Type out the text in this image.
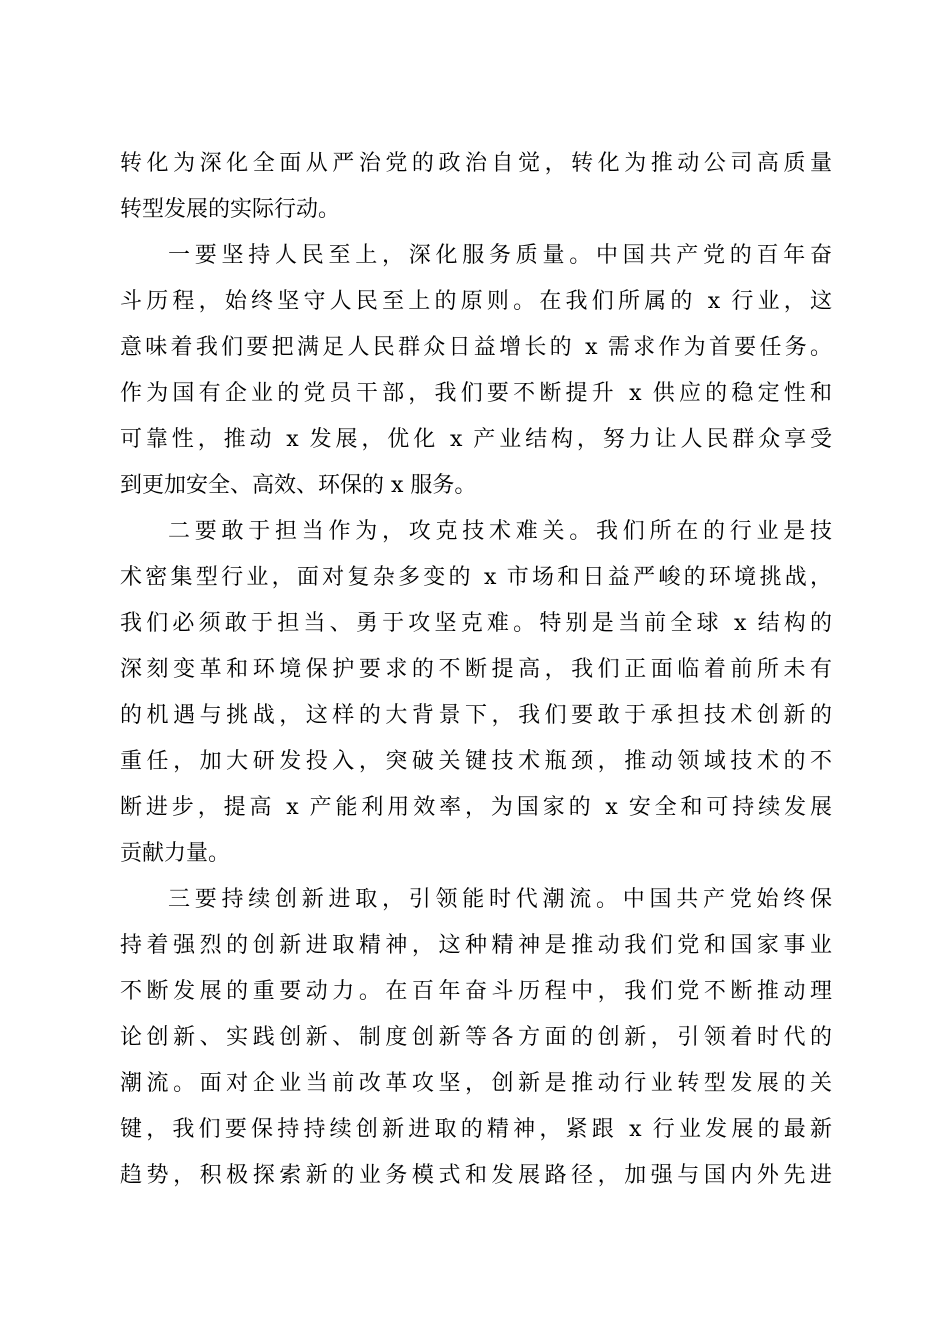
转化为深化全面从严治党的政治自觉，转化为推动公司高质量
转型发展的实际行动。
一要坚持人民至上，深化服务质量。中国共产党的百年奋
斗历程，始终坚守人民至上的原则。在我们所属的 x 行业，这
意味着我们要把满足人民群众日益增长的 x 需求作为首要任务。
作为国有企业的党员干部，我们要不断提升 x 供应的稳定性和
可靠性，推动 x 发展，优化 x 产业结构，努力让人民群众享受
到更加安全、高效、环保的 x 服务。
二要敢于担当作为，攻克技术难关。我们所在的行业是技
术密集型行业，面对复杂多变的 x 市场和日益严峻的环境挑战，
我们必须敢于担当、勇于攻坚克难。特别是当前全球 x 结构的
深刻变革和环境保护要求的不断提高，我们正面临着前所未有
的机遇与挑战，这样的大背景下，我们要敢于承担技术创新的
重任，加大研发投入，突破关键技术瓶颈，推动领域技术的不
断进步，提高 x 产能利用效率，为国家的 x 安全和可持续发展
贡献力量。
三要持续创新进取，引领能时代潮流。中国共产党始终保
持着强烈的创新进取精神，这种精神是推动我们党和国家事业
不断发展的重要动力。在百年奋斗历程中，我们党不断推动理
论创新、实践创新、制度创新等各方面的创新，引领着时代的
潮流。面对企业当前改革攻坚，创新是推动行业转型发展的关
键，我们要保持持续创新进取的精神，紧跟 x 行业发展的最新
趋势，积极探索新的业务模式和发展路径，加强与国内外先进
